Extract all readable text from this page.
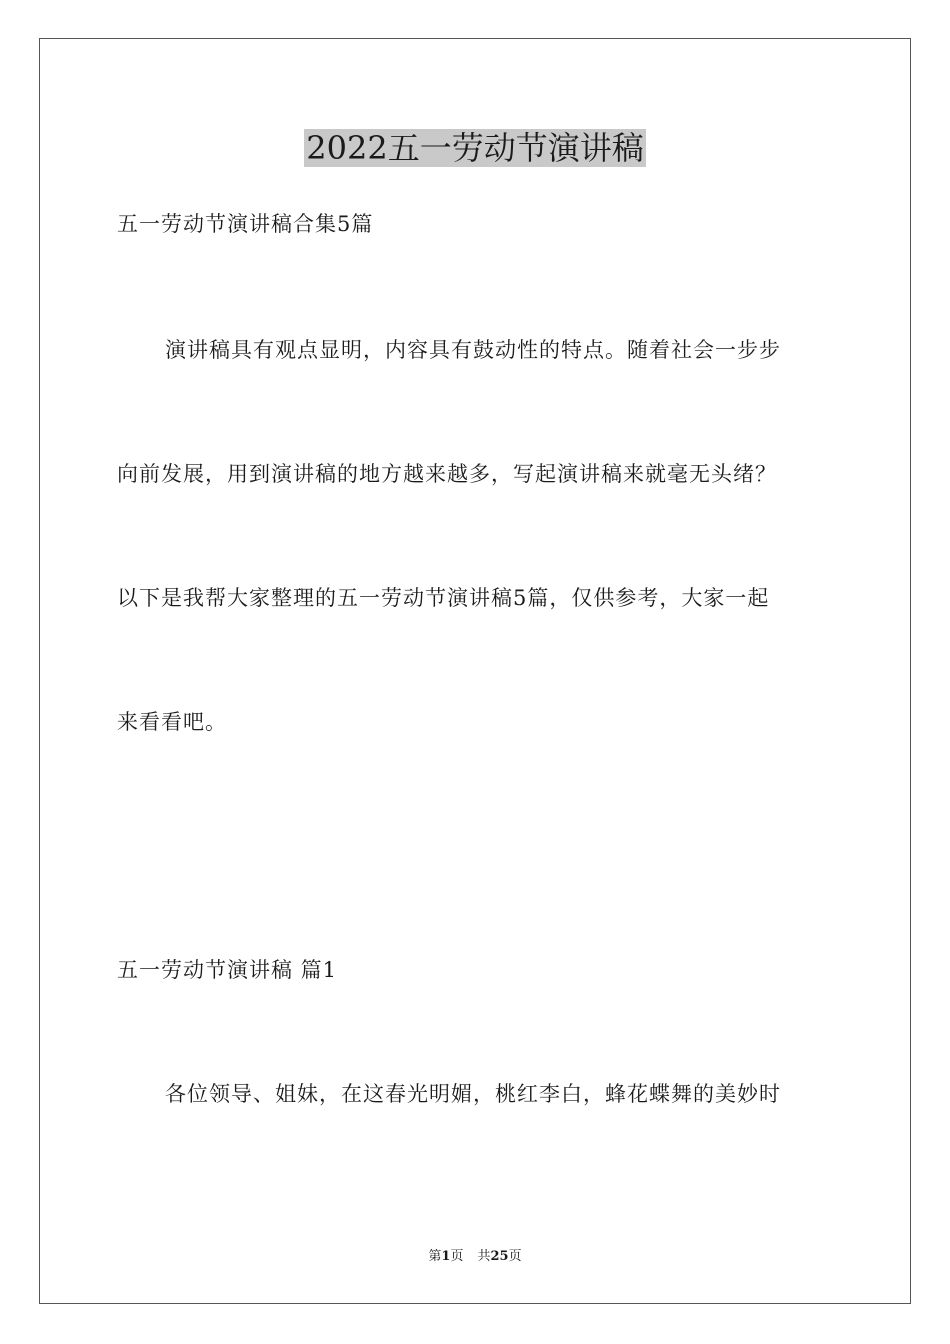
2022五一劳动节演讲稿
五一劳动节演讲稿合集5篇
演讲稿具有观点显明，内容具有鼓动性的特点。随着社会一步步
向前发展，用到演讲稿的地方越来越多，写起演讲稿来就毫无头绪？
以下是我帮大家整理的五一劳动节演讲稿5篇，仅供参考，大家一起
来看看吧。
五一劳动节演讲稿 篇1
各位领导、姐妹，在这春光明媚，桃红李白，蜂花蝶舞的美妙时
第1页 共25页
